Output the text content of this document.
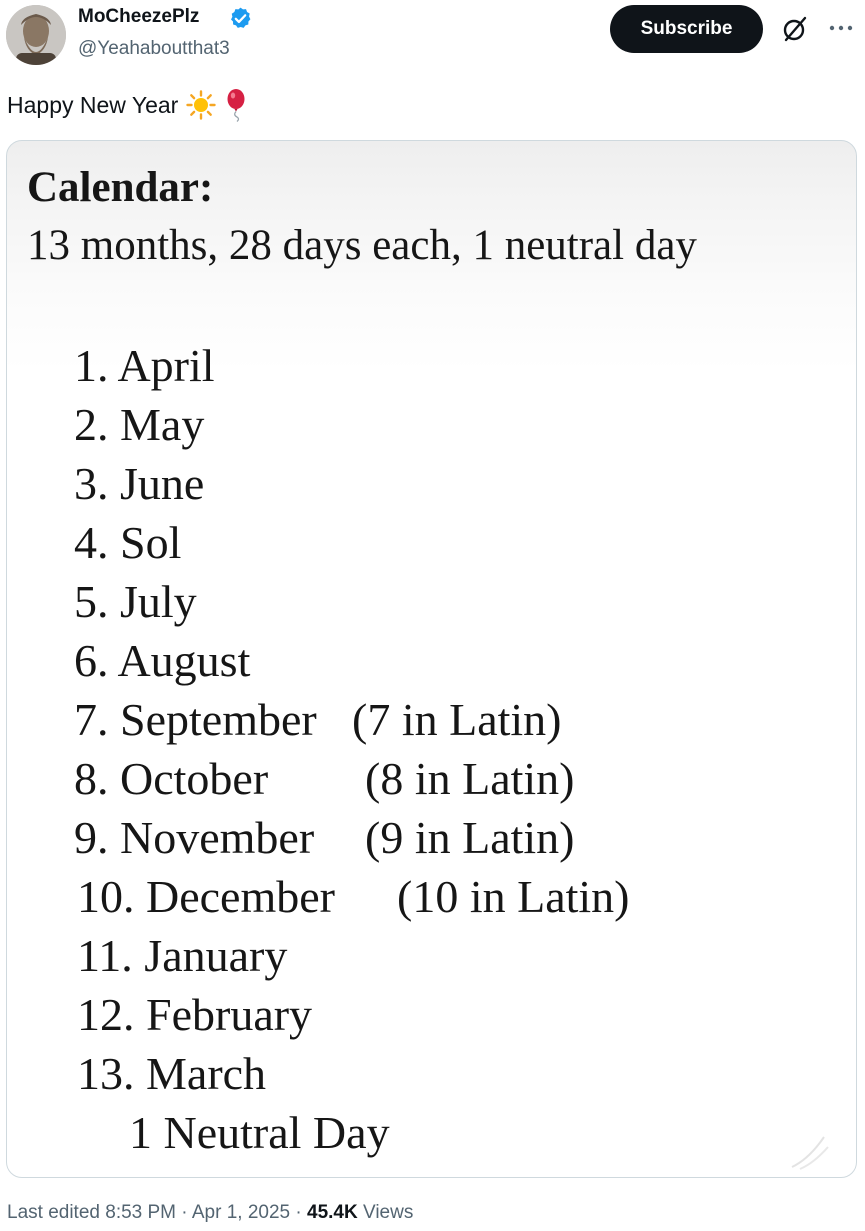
MoCheezePlz
@Yeahaboutthat3
Subscribe
Happy New Year
Calendar:
13 months, 28 days each, 1 neutral day
1. April
2. May
3. June
4. Sol
5. July
6. August
7. September
8. October
9. November
10. December
11. January
12. February
13. March
1 Neutral Day
(7 in Latin)
(8 in Latin)
(9 in Latin)
(10 in Latin)
Last edited 8:53 PM · Apr 1, 2025 · 45.4K Views
